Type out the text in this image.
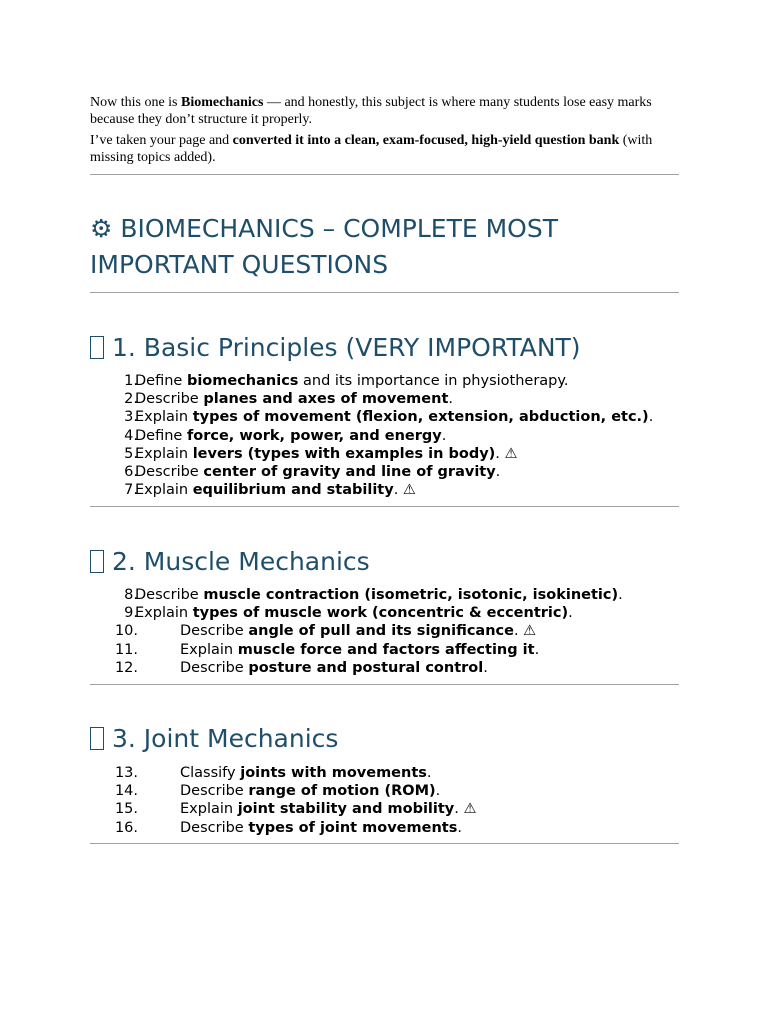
Now this one is Biomechanics — and honestly, this subject is where many students lose easy marks because they don’t structure it properly.

I’ve taken your page and converted it into a clean, exam-focused, high-yield question bank (with missing topics added).

⚙ BIOMECHANICS – COMPLETE MOST IMPORTANT QUESTIONS
1. Basic Principles (VERY IMPORTANT)
1.
Define biomechanics and its importance in physiotherapy.
2.
Describe planes and axes of movement.
3.
Explain types of movement (flexion, extension, abduction, etc.).
4.
Define force, work, power, and energy.
5.
Explain levers (types with examples in body). ⚠
6.
Describe center of gravity and line of gravity.
7.
Explain equilibrium and stability. ⚠
2. Muscle Mechanics
8.
Describe muscle contraction (isometric, isotonic, isokinetic).
9.
Explain types of muscle work (concentric & eccentric).
10.	Describe angle of pull and its significance. ⚠
11.	Explain muscle force and factors affecting it.
12.	Describe posture and postural control.
3. Joint Mechanics
13.	Classify joints with movements.
14.	Describe range of motion (ROM).
15.	Explain joint stability and mobility. ⚠
16.	Describe types of joint movements.
